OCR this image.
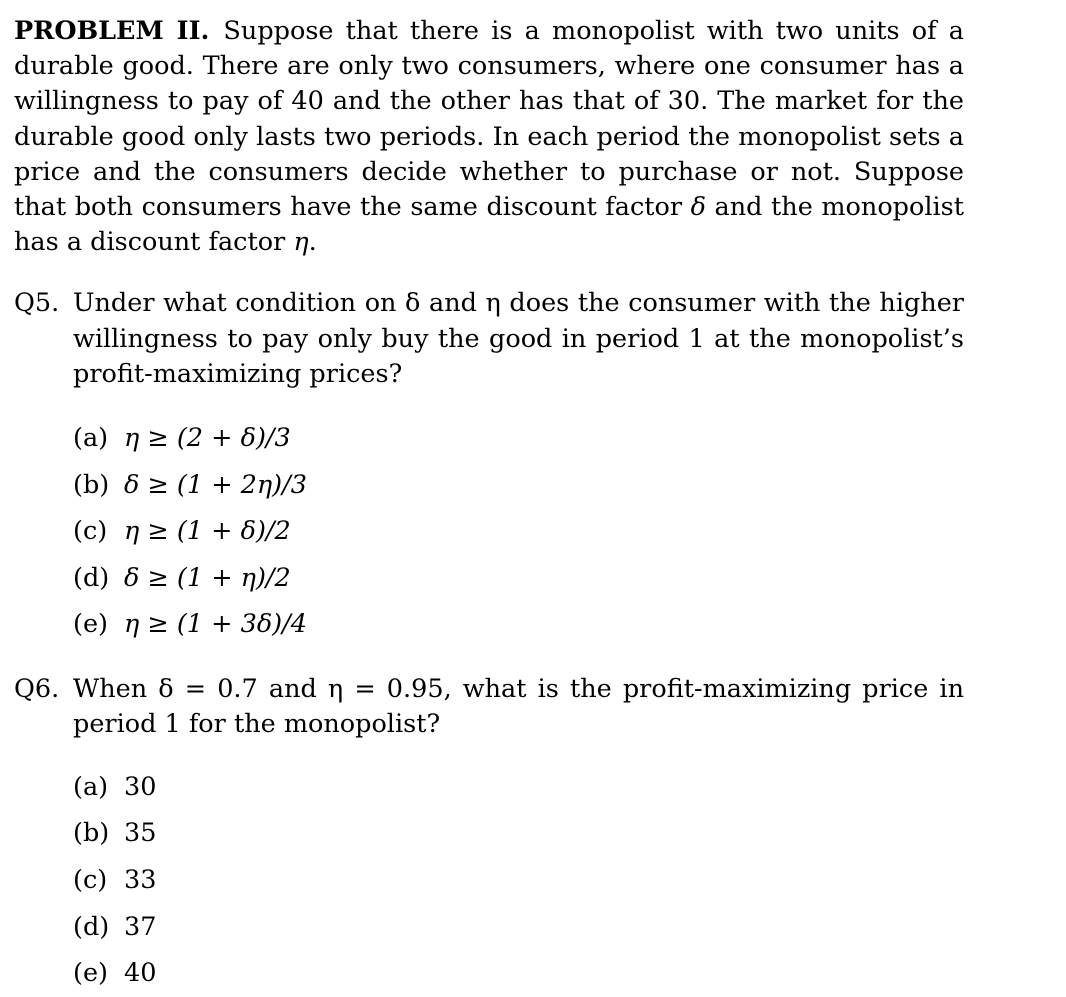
PROBLEM II. Suppose that there is a monopolist with two units of a durable good. There are only two consumers, where one consumer has a willingness to pay of 40 and the other has that of 30. The market for the durable good only lasts two periods. In each period the monopolist sets a price and the consumers decide whether to purchase or not. Suppose that both consumers have the same discount factor δ and the monopolist has a discount factor η.

Q5. Under what condition on δ and η does the consumer with the higher willingness to pay only buy the good in period 1 at the monopolist’s profit-maximizing prices?
(a) η ≥ (2 + δ)/3
(b) δ ≥ (1 + 2η)/3
(c) η ≥ (1 + δ)/2
(d) δ ≥ (1 + η)/2
(e) η ≥ (1 + 3δ)/4
Q6. When δ = 0.7 and η = 0.95, what is the profit-maximizing price in period 1 for the monopolist?
(a) 30
(b) 35
(c) 33
(d) 37
(e) 40
